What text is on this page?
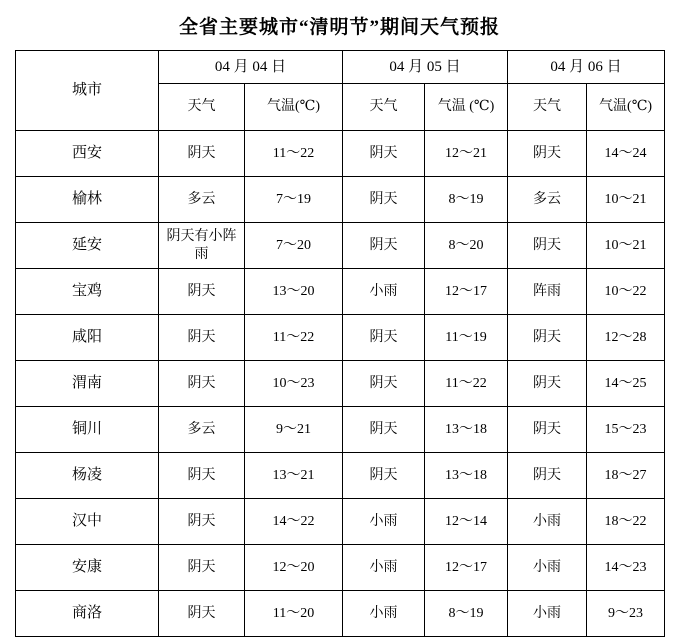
全省主要城市“清明节”期间天气预报
城市	04 月 04 日		04 月 05 日		04 月 06 日	
	天气	气温(℃)	天气	气温 (℃)	天气	气温(℃)
西安	阴天	11～22	阴天	12～21	阴天	14～24
榆林	多云	7～19	阴天	8～19	多云	10～21
延安	阴天有小阵雨	7～20	阴天	8～20	阴天	10～21
宝鸡	阴天	13～20	小雨	12～17	阵雨	10～22
咸阳	阴天	11～22	阴天	11～19	阴天	12～28
渭南	阴天	10～23	阴天	11～22	阴天	14～25
铜川	多云	9～21	阴天	13～18	阴天	15～23
杨凌	阴天	13～21	阴天	13～18	阴天	18～27
汉中	阴天	14～22	小雨	12～14	小雨	18～22
安康	阴天	12～20	小雨	12～17	小雨	14～23
商洛	阴天	11～20	小雨	8～19	小雨	9～23
